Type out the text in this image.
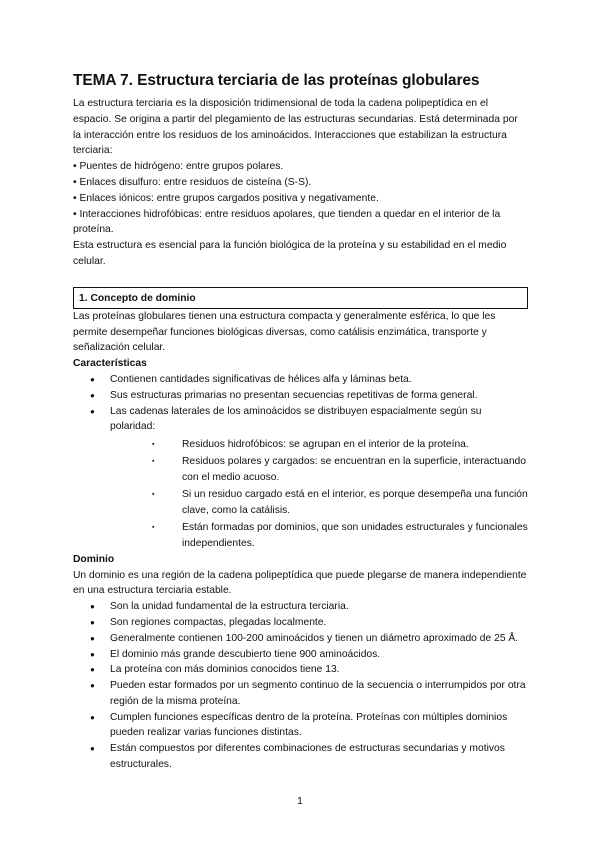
TEMA 7. Estructura terciaria de las proteínas globulares

La estructura terciaria es la disposición tridimensional de toda la cadena polipeptídica en el espacio. Se origina a partir del plegamiento de las estructuras secundarias. Está determinada por la interacción entre los residuos de los aminoácidos. Interacciones que estabilizan la estructura terciaria:

• Puentes de hidrógeno: entre grupos polares.
• Enlaces disulfuro: entre residuos de cisteína (S-S).
• Enlaces iónicos: entre grupos cargados positiva y negativamente.
• Interacciones hidrofóbicas: entre residuos apolares, que tienden a quedar en el interior de la proteína.

Esta estructura es esencial para la función biológica de la proteína y su estabilidad en el medio celular.

1. Concepto de dominio

Las proteínas globulares tienen una estructura compacta y generalmente esférica, lo que les permite desempeñar funciones biológicas diversas, como catálisis enzimática, transporte y señalización celular.

Características
● Contienen cantidades significativas de hélices alfa y láminas beta.
● Sus estructuras primarias no presentan secuencias repetitivas de forma general.
● Las cadenas laterales de los aminoácidos se distribuyen espacialmente según su polaridad:
▪ Residuos hidrofóbicos: se agrupan en el interior de la proteína.
▪ Residuos polares y cargados: se encuentran en la superficie, interactuando con el medio acuoso.
▪ Si un residuo cargado está en el interior, es porque desempeña una función clave, como la catálisis.
▪ Están formadas por dominios, que son unidades estructurales y funcionales independientes.
Dominio

Un dominio es una región de la cadena polipeptídica que puede plegarse de manera independiente en una estructura terciaria estable.

● Son la unidad fundamental de la estructura terciaria.
● Son regiones compactas, plegadas localmente.
● Generalmente contienen 100-200 aminoácidos y tienen un diámetro aproximado de 25 Å.
● El dominio más grande descubierto tiene 900 aminoácidos.
● La proteína con más dominios conocidos tiene 13.
● Pueden estar formados por un segmento continuo de la secuencia o interrumpidos por otra región de la misma proteína.
● Cumplen funciones específicas dentro de la proteína. Proteínas con múltiples dominios pueden realizar varias funciones distintas.
● Están compuestos por diferentes combinaciones de estructuras secundarias y motivos estructurales.
1
